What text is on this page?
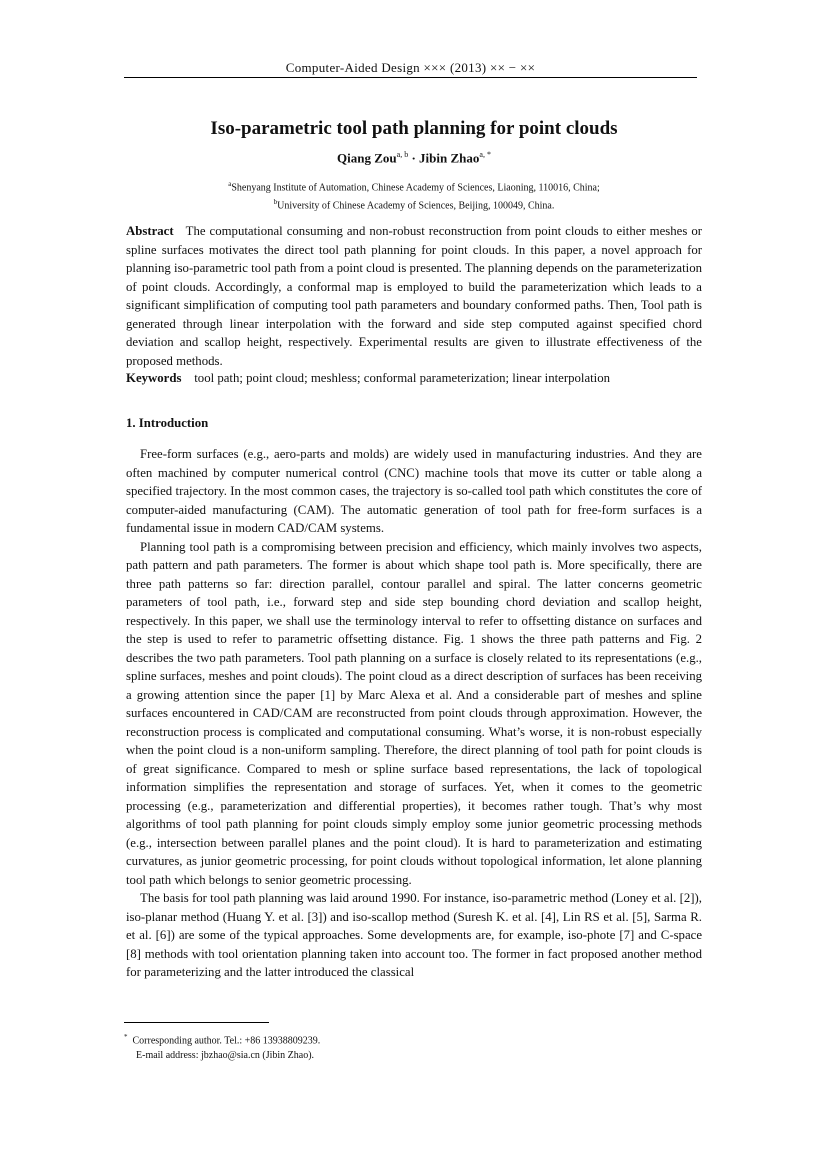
Computer-Aided Design ××× (2013) ×× − ××
Iso-parametric tool path planning for point clouds
Qiang Zou$^{a, b}$ · Jibin Zhao$^{a, *}$
$^a$Shenyang Institute of Automation, Chinese Academy of Sciences, Liaoning, 110016, China;
$^b$University of Chinese Academy of Sciences, Beijing, 100049, China.
Abstract The computational consuming and non-robust reconstruction from point clouds to either meshes or spline surfaces motivates the direct tool path planning for point clouds. In this paper, a novel approach for planning iso-parametric tool path from a point cloud is presented. The planning depends on the parameterization of point clouds. Accordingly, a conformal map is employed to build the parameterization which leads to a significant simplification of computing tool path parameters and boundary conformed paths. Then, Tool path is generated through linear interpolation with the forward and side step computed against specified chord deviation and scallop height, respectively. Experimental results are given to illustrate effectiveness of the proposed methods.
Keywords tool path; point cloud; meshless; conformal parameterization; linear interpolation
1. Introduction

Free-form surfaces (e.g., aero-parts and molds) are widely used in manufacturing industries. And they are often machined by computer numerical control (CNC) machine tools that move its cutter or table along a specified trajectory. In the most common cases, the trajectory is so-called tool path which constitutes the core of computer-aided manufacturing (CAM). The automatic generation of tool path for free-form surfaces is a fundamental issue in modern CAD/CAM systems.

Planning tool path is a compromising between precision and efficiency, which mainly involves two aspects, path pattern and path parameters. The former is about which shape tool path is. More specifically, there are three path patterns so far: direction parallel, contour parallel and spiral. The latter concerns geometric parameters of tool path, i.e., forward step and side step bounding chord deviation and scallop height, respectively. In this paper, we shall use the terminology interval to refer to offsetting distance on surfaces and the step is used to refer to parametric offsetting distance. Fig. 1 shows the three path patterns and Fig. 2 describes the two path parameters. Tool path planning on a surface is closely related to its representations (e.g., spline surfaces, meshes and point clouds). The point cloud as a direct description of surfaces has been receiving a growing attention since the paper [1] by Marc Alexa et al. And a considerable part of meshes and spline surfaces encountered in CAD/CAM are reconstructed from point clouds through approximation. However, the reconstruction process is complicated and computational consuming. What’s worse, it is non-robust especially when the point cloud is a non-uniform sampling. Therefore, the direct planning of tool path for point clouds is of great significance. Compared to mesh or spline surface based representations, the lack of topological information simplifies the representation and storage of surfaces. Yet, when it comes to the geometric processing (e.g., parameterization and differential properties), it becomes rather tough. That’s why most algorithms of tool path planning for point clouds simply employ some junior geometric processing methods (e.g., intersection between parallel planes and the point cloud). It is hard to parameterization and estimating curvatures, as junior geometric processing, for point clouds without topological information, let alone planning tool path which belongs to senior geometric processing.

The basis for tool path planning was laid around 1990. For instance, iso-parametric method (Loney et al. [2]), iso-planar method (Huang Y. et al. [3]) and iso-scallop method (Suresh K. et al. [4], Lin RS et al. [5], Sarma R. et al. [6]) are some of the typical approaches. Some developments are, for example, iso-phote [7] and C-space [8] methods with tool orientation planning taken into account too. The former in fact proposed another method for parameterizing and the latter introduced the classical

* Corresponding author. Tel.: +86 13938809239.
E-mail address: jbzhao@sia.cn (Jibin Zhao).
